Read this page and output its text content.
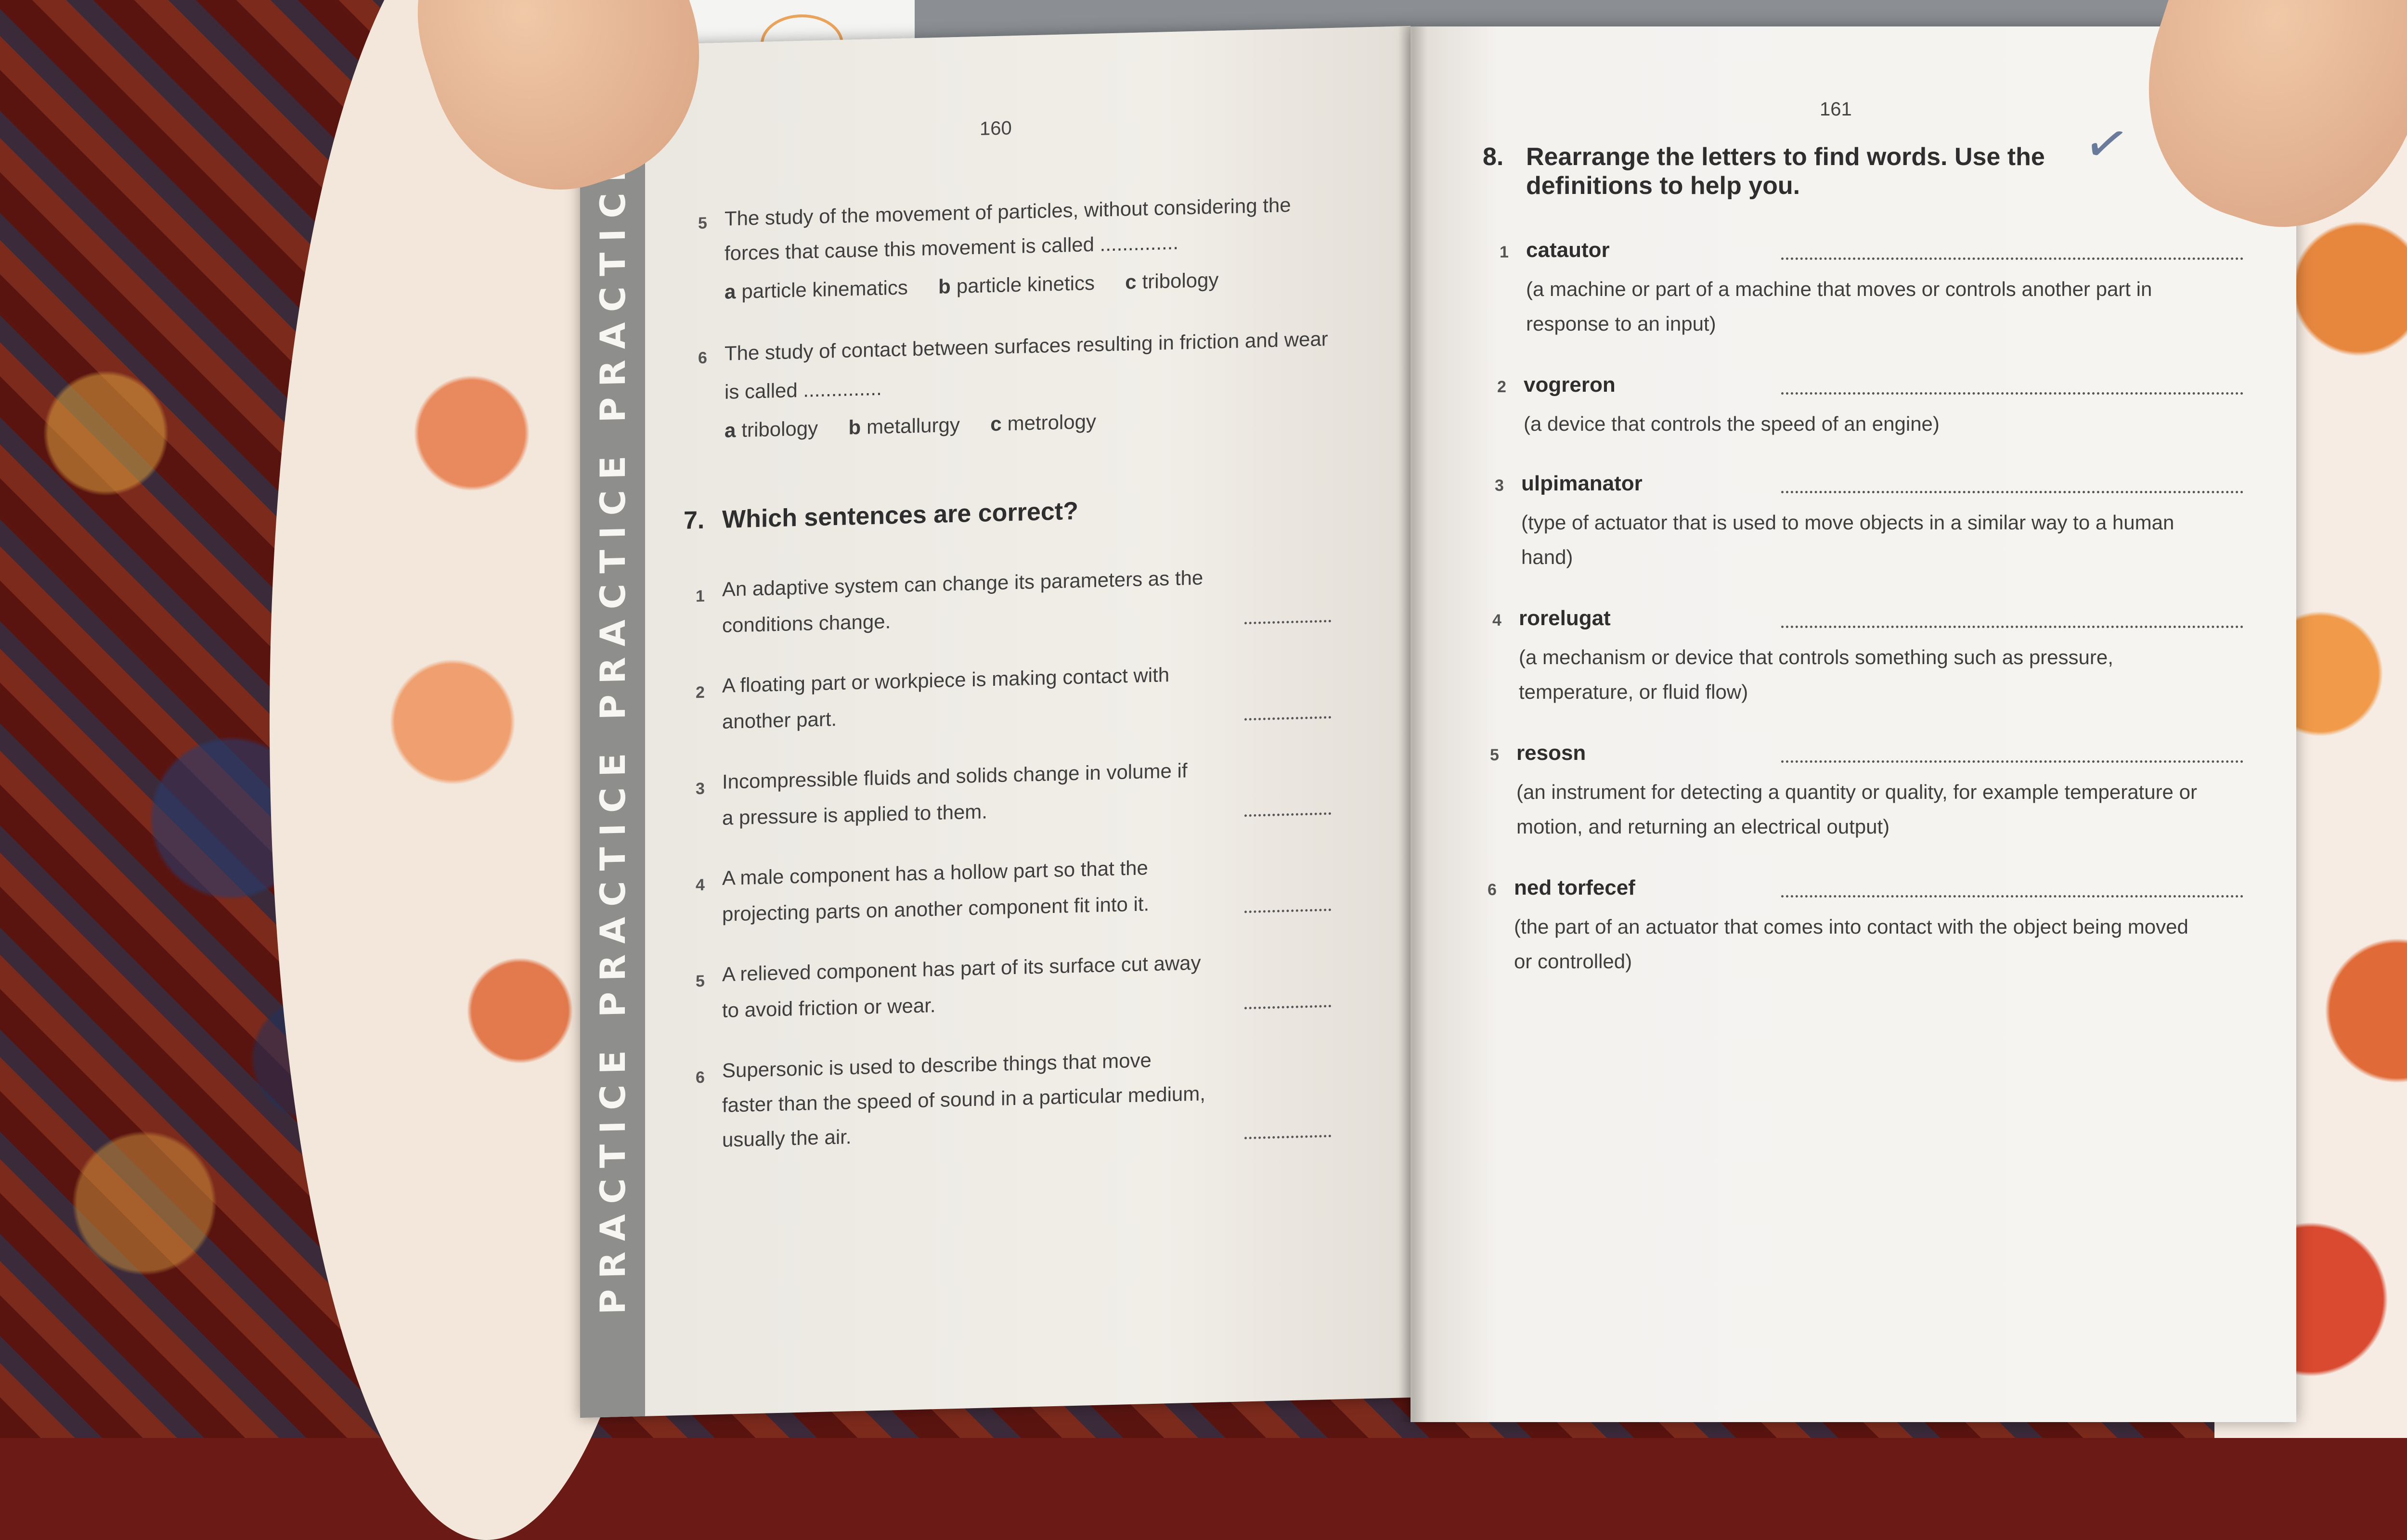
PRACTICE PRACTICE PRACTICE PRACTICE
160
5 The study of the movement of particles, without considering the
forces that cause this movement is called ..............
a particle kinematics b particle kinetics c tribology
6 The study of contact between surfaces resulting in friction and wear
is called ..............
a tribology b metallurgy c metrology
7. Which sentences are correct?
1 An adaptive system can change its parameters as the
conditions change.
2 A floating part or workpiece is making contact with
another part.
3 Incompressible fluids and solids change in volume if
a pressure is applied to them.
4 A male component has a hollow part so that the
projecting parts on another component fit into it.
5 A relieved component has part of its surface cut away
to avoid friction or wear.
6 Supersonic is used to describe things that move
faster than the speed of sound in a particular medium,
usually the air.
161
✓
8. Rearrange the letters to find words. Use the
definitions to help you.
1 catautor
(a machine or part of a machine that moves or controls another part in response to an input)
2 vogreron
(a device that controls the speed of an engine)
3 ulpimanator
(type of actuator that is used to move objects in a similar way to a human hand)
4 rorelugat
(a mechanism or device that controls something such as pressure, temperature, or fluid flow)
5 resosn
(an instrument for detecting a quantity or quality, for example temperature or motion, and returning an electrical output)
6 ned torfecef
(the part of an actuator that comes into contact with the object being moved or controlled)
